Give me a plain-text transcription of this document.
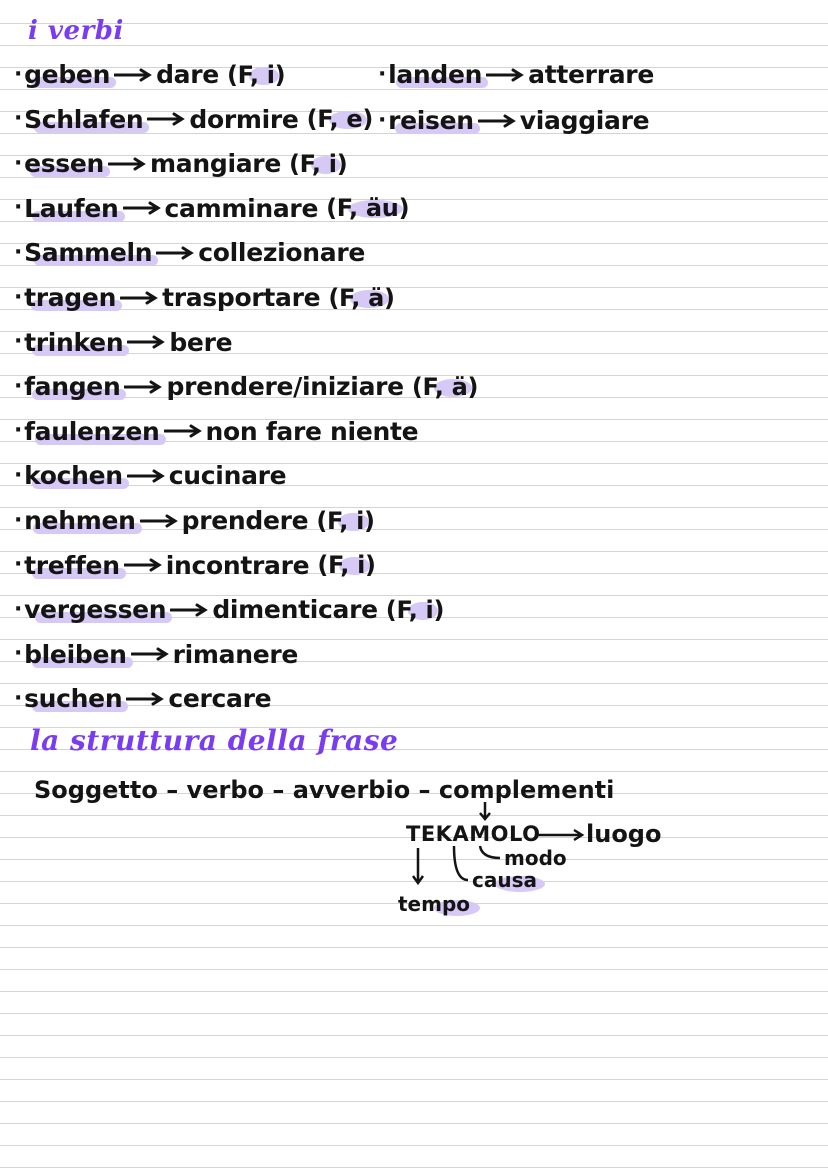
i verbi
· geben dare (F, i)
· Schlafen dormire (F, e)
· essen mangiare (F, i)
· Laufen camminare (F, äu)
· Sammeln collezionare
· tragen trasportare (F, ä)
· trinken bere
· fangen prendere/iniziare (F, ä)
· faulenzen non fare niente
· kochen cucinare
· nehmen prendere (F, i)
· treffen incontrare (F, i)
· vergessen dimenticare (F, i)
· bleiben rimanere
· suchen cercare
· landen atterrare
· reisen viaggiare
la struttura della frase
Soggetto – verbo – avverbio – complementi
TEKAMOLO luogo
modo
causa
tempo
